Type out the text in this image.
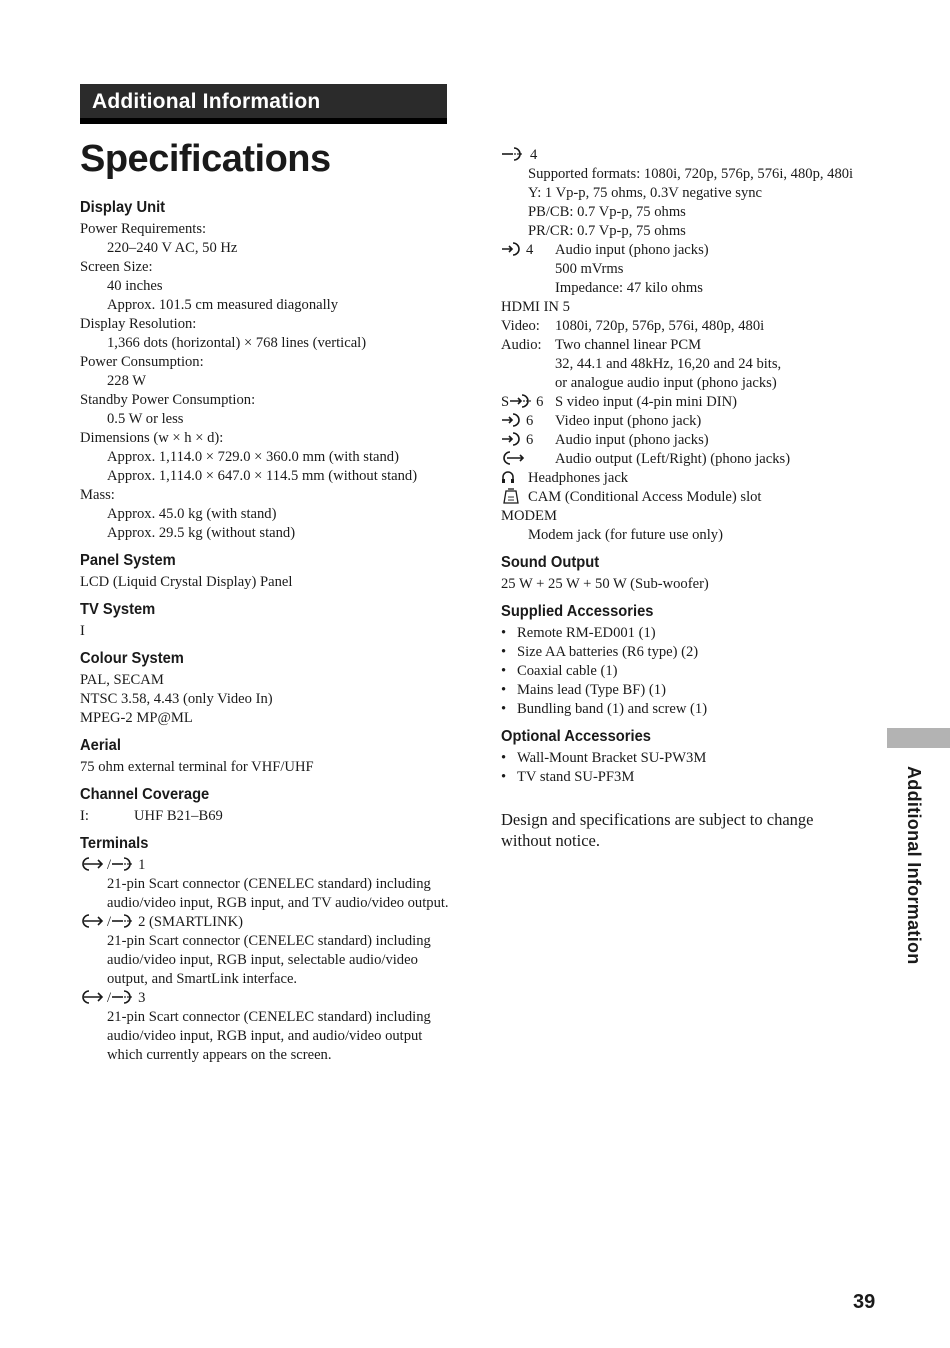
Additional Information
Specifications
Display Unit
Power Requirements:
220–240 V AC, 50 Hz
Screen Size:
40 inches
Approx. 101.5 cm measured diagonally
Display Resolution:
1,366 dots (horizontal) × 768 lines (vertical)
Power Consumption:
228 W
Standby Power Consumption:
0.5 W or less
Dimensions (w × h × d):
Approx. 1,114.0 × 729.0 × 360.0 mm (with stand)
Approx. 1,114.0 × 647.0 × 114.5 mm (without stand)
Mass:
Approx. 45.0 kg (with stand)
Approx. 29.5 kg (without stand)
Panel System
LCD (Liquid Crystal Display) Panel
TV System
I
Colour System
PAL, SECAM
NTSC 3.58, 4.43 (only Video In)
MPEG-2 MP@ML
Aerial
75 ohm external terminal for VHF/UHF
Channel Coverage
I:	UHF B21–B69
Terminals
/ 1
21-pin Scart connector (CENELEC standard) including audio/video input, RGB input, and TV audio/video output.
/ 2 (SMARTLINK)
21-pin Scart connector (CENELEC standard) including audio/video input, RGB input, selectable audio/video output, and SmartLink interface.
/ 3
21-pin Scart connector (CENELEC standard) including audio/video input, RGB input, and audio/video output which currently appears on the screen.
4
Supported formats: 1080i, 720p, 576p, 576i, 480p, 480i
Y: 1 Vp-p, 75 ohms, 0.3V negative sync
PB/CB: 0.7 Vp-p, 75 ohms
PR/CR: 0.7 Vp-p, 75 ohms
4	Audio input (phono jacks)
500 mVrms
Impedance: 47 kilo ohms
HDMI IN 5
Video:	1080i, 720p, 576p, 576i, 480p, 480i
Audio: Two channel linear PCM
32, 44.1 and 48kHz, 16,20 and 24 bits,
or analogue audio input (phono jacks)
S 6 S video input (4-pin mini DIN)
6	Video input (phono jack)
6	Audio input (phono jacks)
Audio output (Left/Right) (phono jacks)
Headphones jack
CAM (Conditional Access Module) slot
MODEM
Modem jack (for future use only)
Sound Output
25 W + 25 W + 50 W (Sub-woofer)
Supplied Accessories
• Remote RM-ED001 (1)
• Size AA batteries (R6 type) (2)
• Coaxial cable (1)
• Mains lead (Type BF) (1)
• Bundling band (1) and screw (1)
Optional Accessories
• Wall-Mount Bracket SU-PW3M
• TV stand SU-PF3M
Design and specifications are subject to change without notice.	Additional Information
39
